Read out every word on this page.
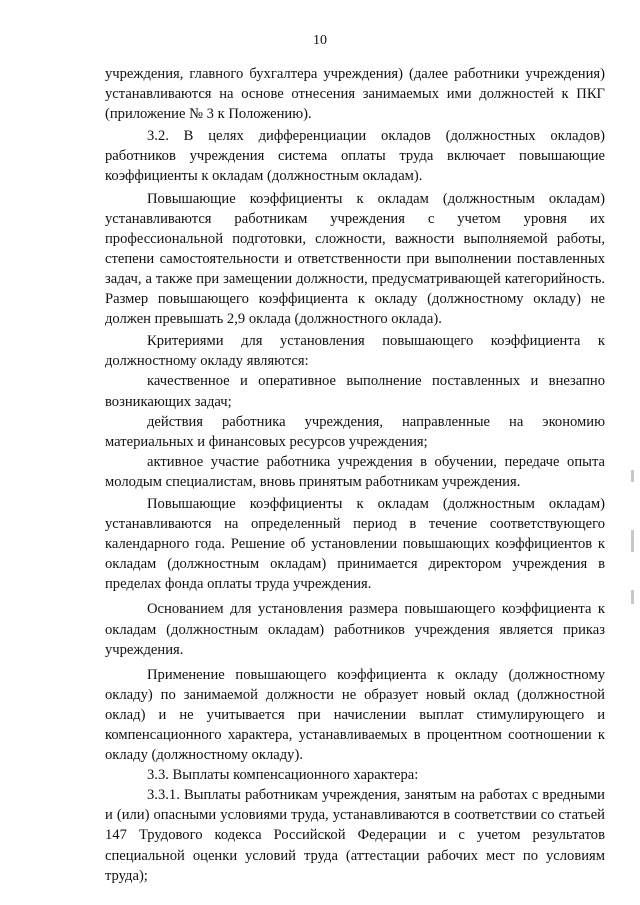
10

учреждения, главного бухгалтера учреждения) (далее работники учреждения) устанавливаются на основе отнесения занимаемых ими должностей к ПКГ (приложение № 3 к Положению).

3.2. В целях дифференциации окладов (должностных окладов) работников учреждения система оплаты труда включает повышающие коэффициенты к окладам (должностным окладам).

Повышающие коэффициенты к окладам (должностным окладам) устанавливаются работникам учреждения с учетом уровня их профессиональной подготовки, сложности, важности выполняемой работы, степени самостоятельности и ответственности при выполнении поставленных задач, а также при замещении должности, предусматривающей категорийность. Размер повышающего коэффициента к окладу (должностному окладу) не должен превышать 2,9 оклада (должностного оклада).

Критериями для установления повышающего коэффициента к должностному окладу являются:

качественное и оперативное выполнение поставленных и внезапно возникающих задач;

действия работника учреждения, направленные на экономию материальных и финансовых ресурсов учреждения;

активное участие работника учреждения в обучении, передаче опыта молодым специалистам, вновь принятым работникам учреждения.

Повышающие коэффициенты к окладам (должностным окладам) устанавливаются на определенный период в течение соответствующего календарного года. Решение об установлении повышающих коэффициентов к окладам (должностным окладам) принимается директором учреждения в пределах фонда оплаты труда учреждения.

Основанием для установления размера повышающего коэффициента к окладам (должностным окладам) работников учреждения является приказ учреждения.

Применение повышающего коэффициента к окладу (должностному окладу) по занимаемой должности не образует новый оклад (должностной оклад) и не учитывается при начислении выплат стимулирующего и компенсационного характера, устанавливаемых в процентном соотношении к окладу (должностному окладу).

3.3. Выплаты компенсационного характера:

3.3.1. Выплаты работникам учреждения, занятым на работах с вредными и (или) опасными условиями труда, устанавливаются в соответствии со статьей 147 Трудового кодекса Российской Федерации и с учетом результатов специальной оценки условий труда (аттестации рабочих мест по условиям труда);
